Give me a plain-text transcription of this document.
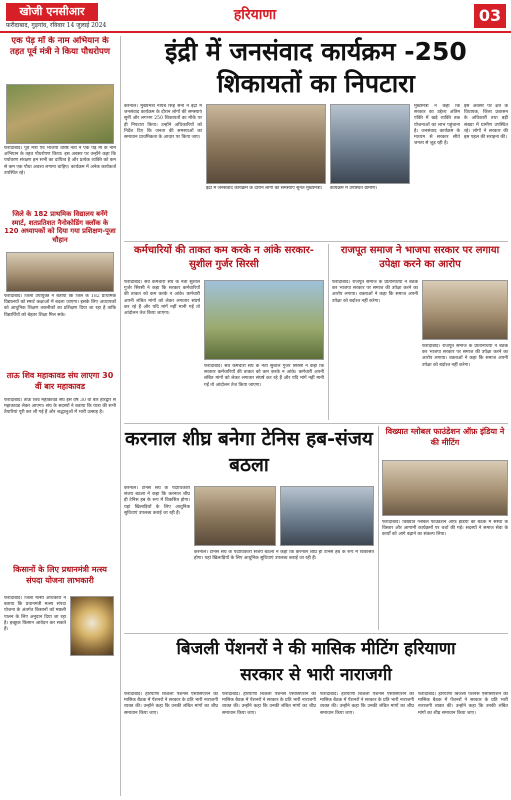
खोजी एनसीआर
फ़रीदाबाद, गुड़गांव, रविवार 14 जुलाई 2024
हरियाणा	03
एक पेड़ माँ के नाम अभियान के तहत पूर्व मंत्री ने किया पौधरोपण
फरीदाबाद। पूर्व मंत्री एवं भाजपा वरिष्ठ नेता ने एक पेड़ माँ के नाम अभियान के तहत पौधरोपण किया। इस अवसर पर उन्होंने कहा कि पर्यावरण संरक्षण हम सभी का दायित्व है और प्रत्येक व्यक्ति को कम से कम एक पौधा अवश्य लगाना चाहिए। कार्यक्रम में अनेक कार्यकर्ता उपस्थित रहे।
जिले के 182 प्राथमिक विद्यालय बनेंगे स्मार्ट, शतप्रतिशत नैनोकोडिंग क्लॉक के 120 अध्यापकों को दिया गया प्रशिक्षण-पूजा चौहान
फरीदाबाद। जिला उपायुक्त ने बताया कि जिले के 182 प्राथमिक विद्यालयों को स्मार्ट कक्षाओं में बदला जाएगा। इसके लिए अध्यापकों को आधुनिक शिक्षण तकनीकों का प्रशिक्षण दिया जा रहा है ताकि विद्यार्थियों को बेहतर शिक्षा मिल सके।
ताऊ शिव महाकावड संघ लाएगा 30 वीं बार महाकावड
फरीदाबाद। ताऊ शिव महाकावड संघ इस वर्ष 30 वीं बार हरिद्वार से महाकावड लेकर आएगा। संघ के सदस्यों ने बताया कि यात्रा की सभी तैयारियां पूरी कर ली गई हैं और श्रद्धालुओं में भारी उत्साह है।
किसानों के लिए प्रधानमंत्री मत्स्य संपदा योजना लाभकारी
फरीदाबाद। जिला मत्स्य अधिकारी ने बताया कि प्रधानमंत्री मत्स्य संपदा योजना के अंतर्गत किसानों को मछली पालन के लिए अनुदान दिया जा रहा है। इच्छुक किसान आवेदन कर सकते हैं।
इंद्री में जनसंवाद कार्यक्रम -250
शिकायतों का निपटारा
करनाल। मुख्यमंत्री नायब सिंह सैनी ने इंद्री में जनसंवाद कार्यक्रम के दौरान लोगों की समस्याएं सुनीं और लगभग 250 शिकायतों का मौके पर ही निपटारा किया। उन्होंने अधिकारियों को निर्देश दिए कि जनता की समस्याओं का समाधान प्राथमिकता के आधार पर किया जाए।
इंद्री में जनसंवाद कार्यक्रम के दौरान लोगों की समस्याएं सुनते मुख्यमंत्री।	कार्यक्रम में उपस्थित ग्रामीण।
मुख्यमंत्री ने कहा कि सरकार का उद्देश्य अंतिम पंक्ति में खड़े व्यक्ति तक योजनाओं का लाभ पहुंचाना है। जनसंवाद कार्यक्रम के माध्यम से सरकार सीधे जनता से जुड़ रही है।
इस अवसर पर क्षेत्र के विधायक, जिला प्रशासन के अधिकारी तथा बड़ी संख्या में ग्रामीण उपस्थित रहे। लोगों ने सरकार की इस पहल की सराहना की।
कर्मचारियों की ताकत कम करके न आंके सरकार-सुशील गुर्जर सिरसी
फरीदाबाद। सर्व कर्मचारी संघ के नेता सुशील गुर्जर सिरसी ने कहा कि सरकार कर्मचारियों की ताकत को कम करके न आंके। कर्मचारी अपनी लंबित मांगों को लेकर लगातार संघर्ष कर रहे हैं और यदि मांगें नहीं मानी गईं तो आंदोलन तेज किया जाएगा।
फरीदाबाद। सर्व कर्मचारी संघ के नेता सुशील गुर्जर सिरसी ने कहा कि सरकार कर्मचारियों की ताकत को कम करके न आंके। कर्मचारी अपनी लंबित मांगों को लेकर लगातार संघर्ष कर रहे हैं और यदि मांगें नहीं मानी गईं तो आंदोलन तेज किया जाएगा।
राजपूत समाज ने भाजपा सरकार पर लगाया उपेक्षा करने का आरोप
फरीदाबाद। राजपूत समाज के प्रतिनिधियों ने बैठक कर भाजपा सरकार पर समाज की उपेक्षा करने का आरोप लगाया। वक्ताओं ने कहा कि समाज अपनी उपेक्षा को बर्दाश्त नहीं करेगा।
फरीदाबाद। राजपूत समाज के प्रतिनिधियों ने बैठक कर भाजपा सरकार पर समाज की उपेक्षा करने का आरोप लगाया। वक्ताओं ने कहा कि समाज अपनी उपेक्षा को बर्दाश्त नहीं करेगा।
करनाल शीघ्र बनेगा टेनिस हब-संजय बठला
करनाल। टेनिस संघ के पदाधिकारी संजय बठला ने कहा कि करनाल शीघ्र ही टेनिस हब के रूप में विकसित होगा। यहां खिलाड़ियों के लिए आधुनिक सुविधाएं उपलब्ध कराई जा रही हैं।
करनाल। टेनिस संघ के पदाधिकारी संजय बठला ने कहा कि करनाल शीघ्र ही टेनिस हब के रूप में विकसित होगा। यहां खिलाड़ियों के लिए आधुनिक सुविधाएं उपलब्ध कराई जा रही हैं।
विख्यात ग्लोबल फाउंडेशन ऑफ़ इंडिया ने की मीटिंग
फरीदाबाद। विख्यात ग्लोबल फाउंडेशन ऑफ़ इंडिया की बैठक में संस्था के विस्तार और आगामी कार्यक्रमों पर चर्चा की गई। सदस्यों ने समाज सेवा के कार्यों को आगे बढ़ाने का संकल्प लिया।
बिजली पेंशनरों ने की मासिक मीटिंग हरियाणा
सरकार से भारी नाराजगी
फरीदाबाद। हरियाणा बिजली पेंशनर्स एसोसिएशन की मासिक बैठक में पेंशनरों ने सरकार के प्रति भारी नाराजगी व्यक्त की। उन्होंने कहा कि उनकी लंबित मांगों का शीघ्र समाधान किया जाए।
फरीदाबाद। हरियाणा बिजली पेंशनर्स एसोसिएशन की मासिक बैठक में पेंशनरों ने सरकार के प्रति भारी नाराजगी व्यक्त की। उन्होंने कहा कि उनकी लंबित मांगों का शीघ्र समाधान किया जाए।
फरीदाबाद। हरियाणा बिजली पेंशनर्स एसोसिएशन की मासिक बैठक में पेंशनरों ने सरकार के प्रति भारी नाराजगी व्यक्त की। उन्होंने कहा कि उनकी लंबित मांगों का शीघ्र समाधान किया जाए।
फरीदाबाद। हरियाणा बिजली पेंशनर्स एसोसिएशन की मासिक बैठक में पेंशनरों ने सरकार के प्रति भारी नाराजगी व्यक्त की। उन्होंने कहा कि उनकी लंबित मांगों का शीघ्र समाधान किया जाए।
